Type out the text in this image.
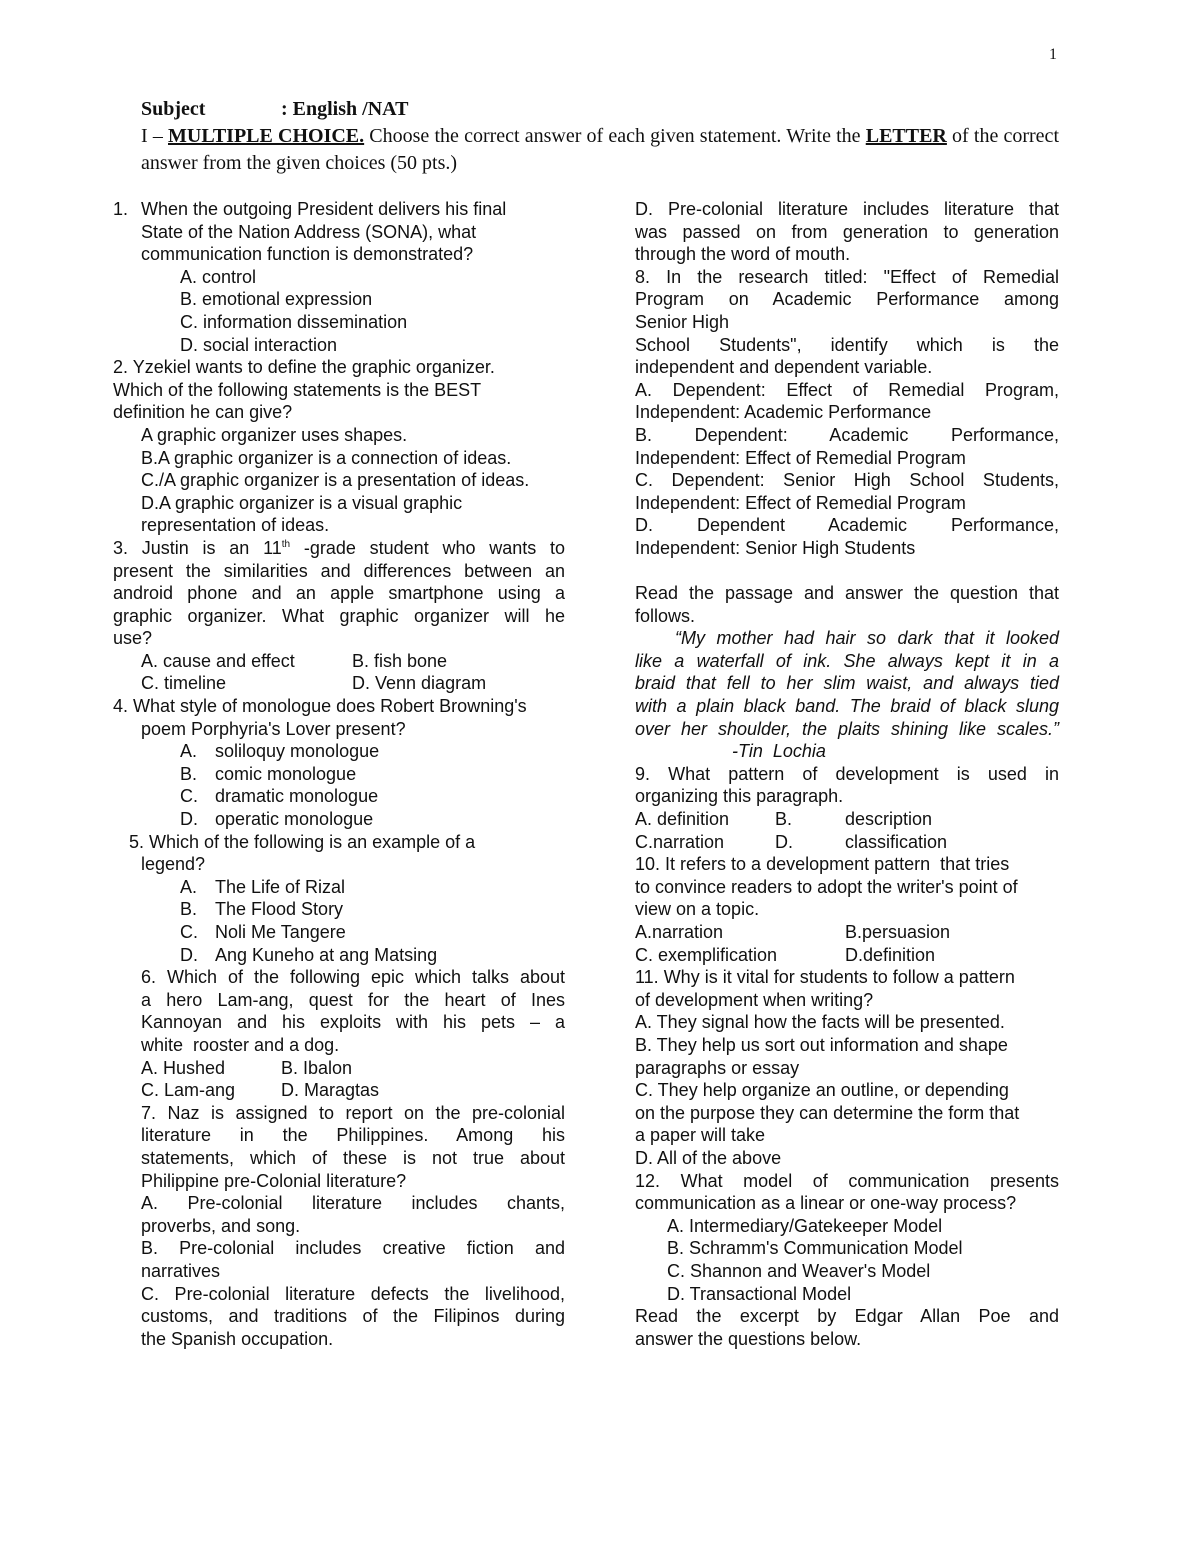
1
Subject	: English /NAT
I – MULTIPLE CHOICE. Choose the correct answer of each given statement. Write the LETTER of the correct answer from the given choices (50 pts.)
1. When the outgoing President delivers his final
State of the Nation Address (SONA), what
communication function is demonstrated?
A. control
B. emotional expression
C. information dissemination
D. social interaction
2. Yzekiel wants to define the graphic organizer.
Which of the following statements is the BEST
definition he can give?
A graphic organizer uses shapes.
B.A graphic organizer is a connection of ideas.
C./A graphic organizer is a presentation of ideas.
D.A graphic organizer is a visual graphic
representation of ideas.
3. Justin is an 11th -grade student who wants to
present the similarities and differences between an
android phone and an apple smartphone using a
graphic organizer. What graphic organizer will he
use?
A. cause and effect	B. fish bone
C. timeline	D. Venn diagram
4. What style of monologue does Robert Browning's
poem Porphyria's Lover present?
A. soliloquy monologue
B. comic monologue
C. dramatic monologue
D. operatic monologue
5. Which of the following is an example of a
legend?
A. The Life of Rizal
B. The Flood Story
C. Noli Me Tangere
D. Ang Kuneho at ang Matsing
6. Which of the following epic which talks about
a hero Lam-ang, quest for the heart of Ines
Kannoyan and his exploits with his pets – a
white  rooster and a dog.
A. Hushed	B. Ibalon
C. Lam-ang	D. Maragtas
7. Naz is assigned to report on the pre-colonial
literature in the Philippines. Among his
statements, which of these is not true about
Philippine pre-Colonial literature?
A. Pre-colonial literature includes chants,
proverbs, and song.
B. Pre-colonial includes creative fiction and
narratives
C. Pre-colonial literature defects the livelihood,
customs, and traditions of the Filipinos during
the Spanish occupation.
D. Pre-colonial literature includes literature that
was passed on from generation to generation
through the word of mouth.
8. In the research titled: "Effect of Remedial
Program on Academic Performance among
Senior High
School Students", identify which is the
independent and dependent variable.
A. Dependent: Effect of Remedial Program,
Independent: Academic Performance
B. Dependent: Academic Performance,
Independent: Effect of Remedial Program
C. Dependent: Senior High School Students,
Independent: Effect of Remedial Program
D. Dependent Academic Performance,
Independent: Senior High Students
Read the passage and answer the question that
follows.
“My mother had hair so dark that it looked
like a waterfall of ink. She always kept it in a
braid that fell to her slim waist, and always tied
with a plain black band. The braid of black slung
over her shoulder, the plaits shining like scales.”
-Tin  Lochia
9. What pattern of development is used in
organizing this paragraph.
A. definition	B.	description
C.narration	D.	classification
10. It refers to a development pattern  that tries
to convince readers to adopt the writer's point of
view on a topic.
A.narration	B.persuasion
C. exemplification	D.definition
11. Why is it vital for students to follow a pattern
of development when writing?
A. They signal how the facts will be presented.
B. They help us sort out information and shape
paragraphs or essay
C. They help organize an outline, or depending
on the purpose they can determine the form that
a paper will take
D. All of the above
12. What model of communication presents
communication as a linear or one-way process?
A. Intermediary/Gatekeeper Model
B. Schramm's Communication Model
C. Shannon and Weaver's Model
D. Transactional Model
Read the excerpt by Edgar Allan Poe and
answer the questions below.
